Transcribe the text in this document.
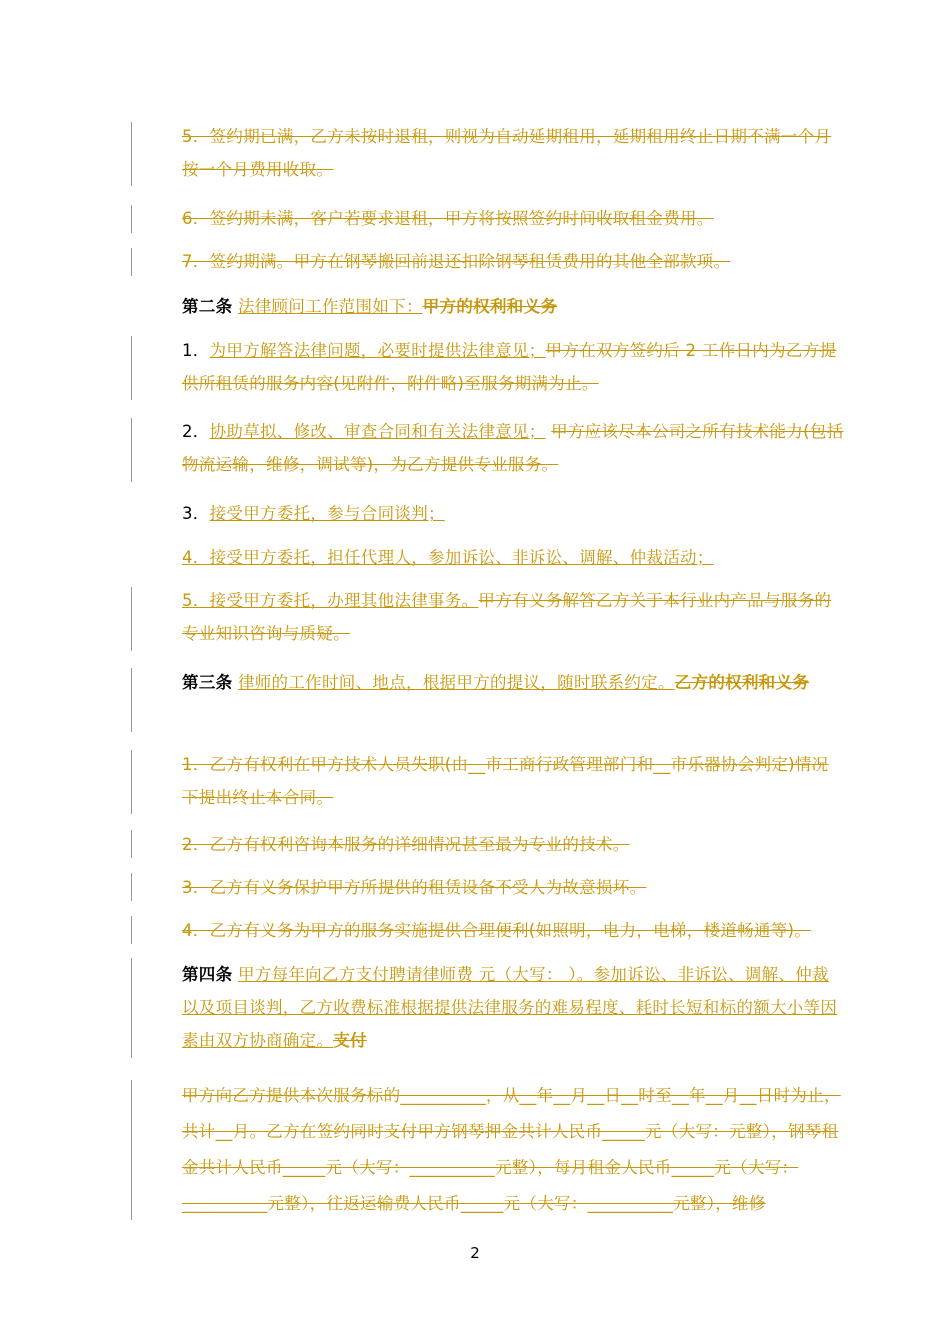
5．签约期已满，乙方未按时退租，则视为自动延期租用，延期租用终止日期不满一个月按一个月费用收取。
6．签约期未满，客户若要求退租，甲方将按照签约时间收取租金费用。
7．签约期满。甲方在钢琴搬回前退还扣除钢琴租赁费用的其他全部款项。
第二条 法律顾问工作范围如下：甲方的权利和义务
1．为甲方解答法律问题，必要时提供法律意见；甲方在双方签约后 2 工作日内为乙方提供所租赁的服务内容(见附件，附件略)至服务期满为止。
2．协助草拟、修改、审查合同和有关法律意见； 甲方应该尽本公司之所有技术能力(包括物流运输，维修，调试等)，为乙方提供专业服务。
3．接受甲方委托，参与合同谈判；
4．接受甲方委托，担任代理人，参加诉讼、非诉讼、调解、仲裁活动；
5．接受甲方委托，办理其他法律事务。甲方有义务解答乙方关于本行业内产品与服务的专业知识咨询与质疑。
第三条 律师的工作时间、地点，根据甲方的提议，随时联系约定。乙方的权利和义务
1．乙方有权利在甲方技术人员失职(由__市工商行政管理部门和__市乐器协会判定)情况下提出终止本合同。
2．乙方有权利咨询本服务的详细情况甚至最为专业的技术。
3．乙方有义务保护甲方所提供的租赁设备不受人为故意损坏。
4．乙方有义务为甲方的服务实施提供合理便利(如照明，电力，电梯，楼道畅通等)。
第四条 甲方每年向乙方支付聘请律师费 元（大写： ）。参加诉讼、非诉讼、调解、仲裁以及项目谈判，乙方收费标准根据提供法律服务的难易程度、耗时长短和标的额大小等因素由双方协商确定。支付
甲方向乙方提供本次服务标的__________，从__年__月__日__时至__年__月__日时为止，共计__月。乙方在签约同时支付甲方钢琴押金共计人民币_____元（大写：元整），钢琴租金共计人民币_____元（大写：__________元整），每月租金人民币_____元（大写：__________元整），往返运输费人民币_____元（大写：__________元整），维修
2
